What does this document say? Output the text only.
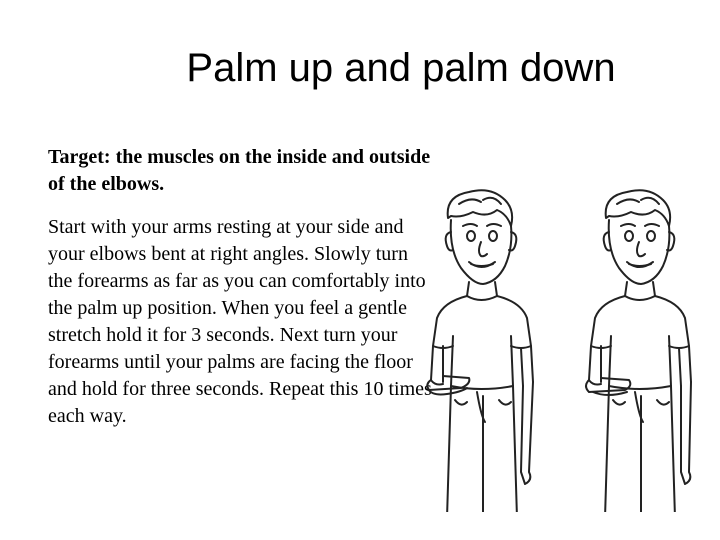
Palm up and palm down

Target: the muscles on the inside and outside of the elbows.

Start with your arms resting at your side and your elbows bent at right angles. Slowly turn the forearms as far as you can comfortably into the palm up position. When you feel a gentle stretch hold it for 3 seconds. Next turn your forearms until your palms are facing the floor and hold for three seconds. Repeat this 10 times each way.
